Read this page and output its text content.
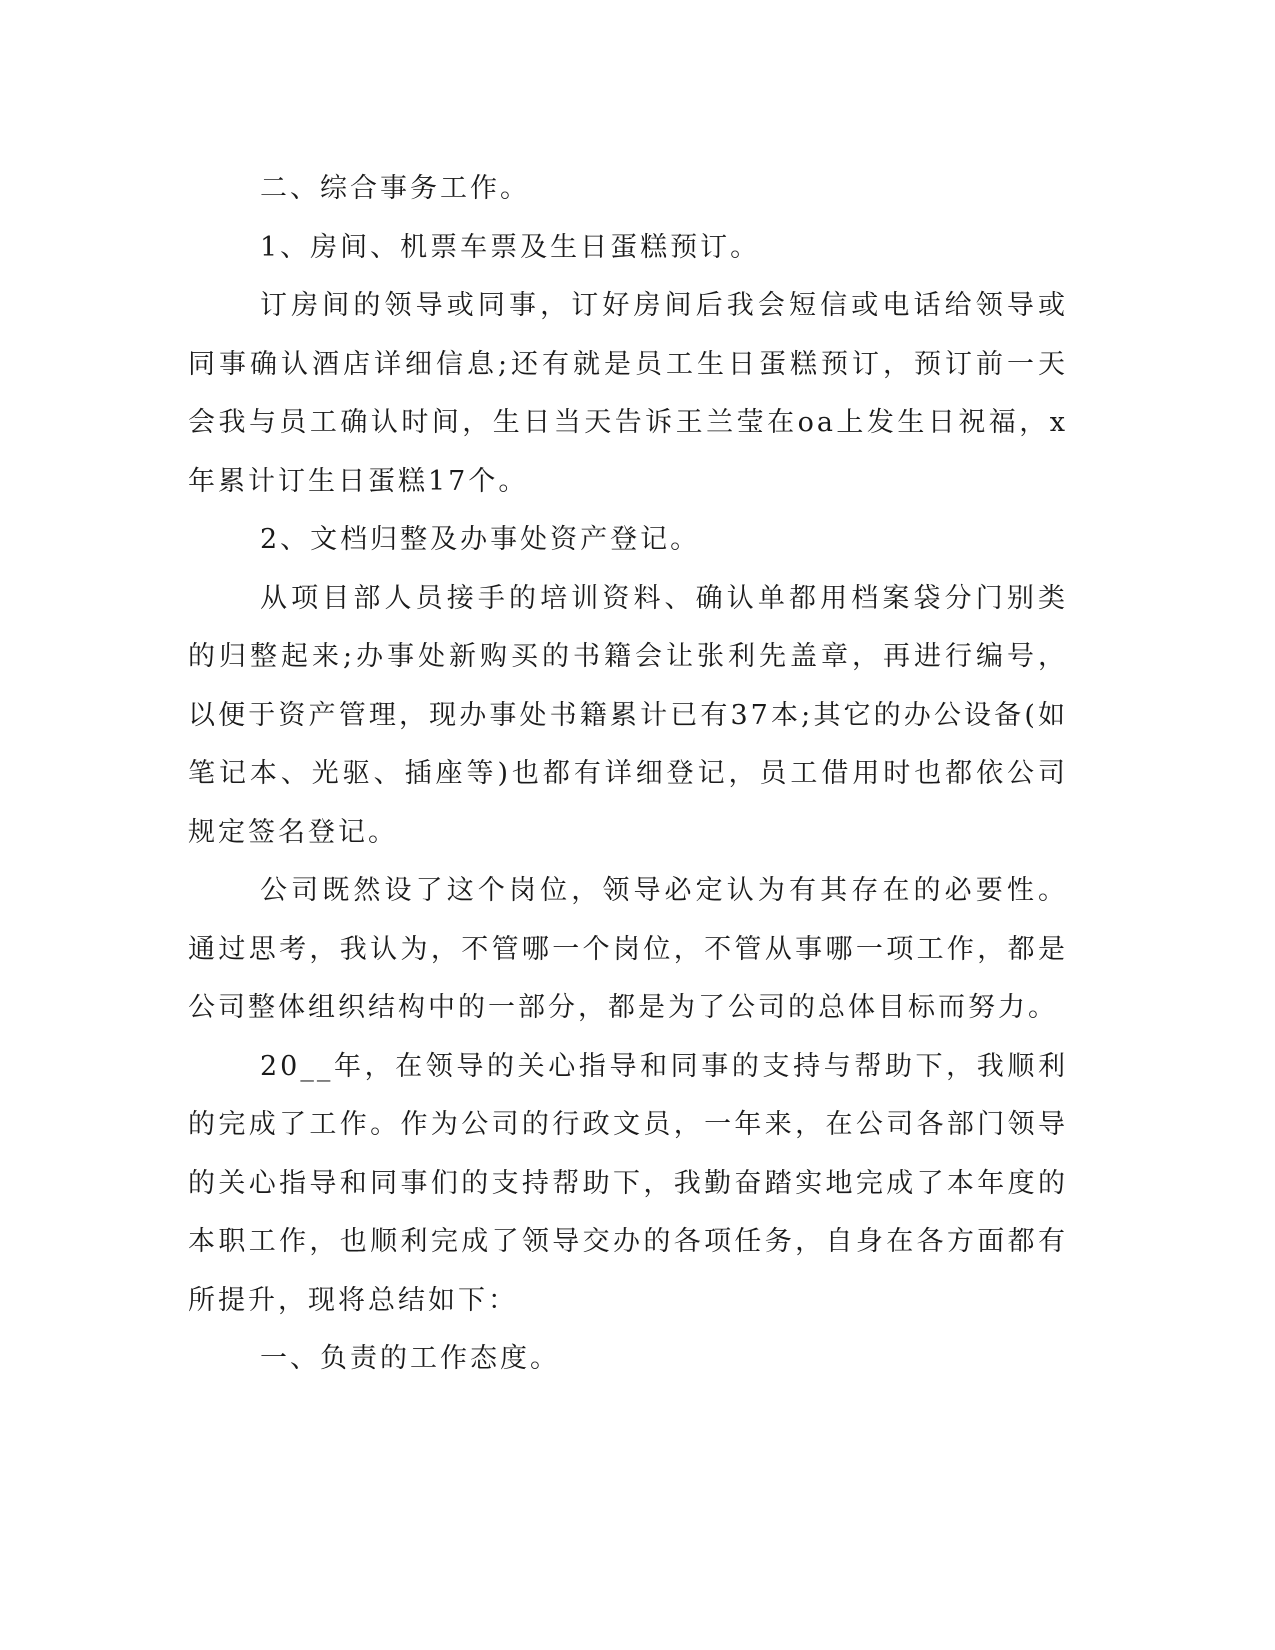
二、综合事务工作。

1、房间、机票车票及生日蛋糕预订。

订房间的领导或同事，订好房间后我会短信或电话给领导或同事确认酒店详细信息;还有就是员工生日蛋糕预订，预订前一天会我与员工确认时间，生日当天告诉王兰莹在oa上发生日祝福，x年累计订生日蛋糕17个。

2、文档归整及办事处资产登记。

从项目部人员接手的培训资料、确认单都用档案袋分门别类的归整起来;办事处新购买的书籍会让张利先盖章，再进行编号，以便于资产管理，现办事处书籍累计已有37本;其它的办公设备(如笔记本、光驱、插座等)也都有详细登记，员工借用时也都依公司规定签名登记。

公司既然设了这个岗位，领导必定认为有其存在的必要性。通过思考，我认为，不管哪一个岗位，不管从事哪一项工作，都是公司整体组织结构中的一部分，都是为了公司的总体目标而努力。

20__年，在领导的关心指导和同事的支持与帮助下，我顺利的完成了工作。作为公司的行政文员，一年来，在公司各部门领导的关心指导和同事们的支持帮助下，我勤奋踏实地完成了本年度的本职工作，也顺利完成了领导交办的各项任务，自身在各方面都有所提升，现将总结如下：

一、负责的工作态度。
